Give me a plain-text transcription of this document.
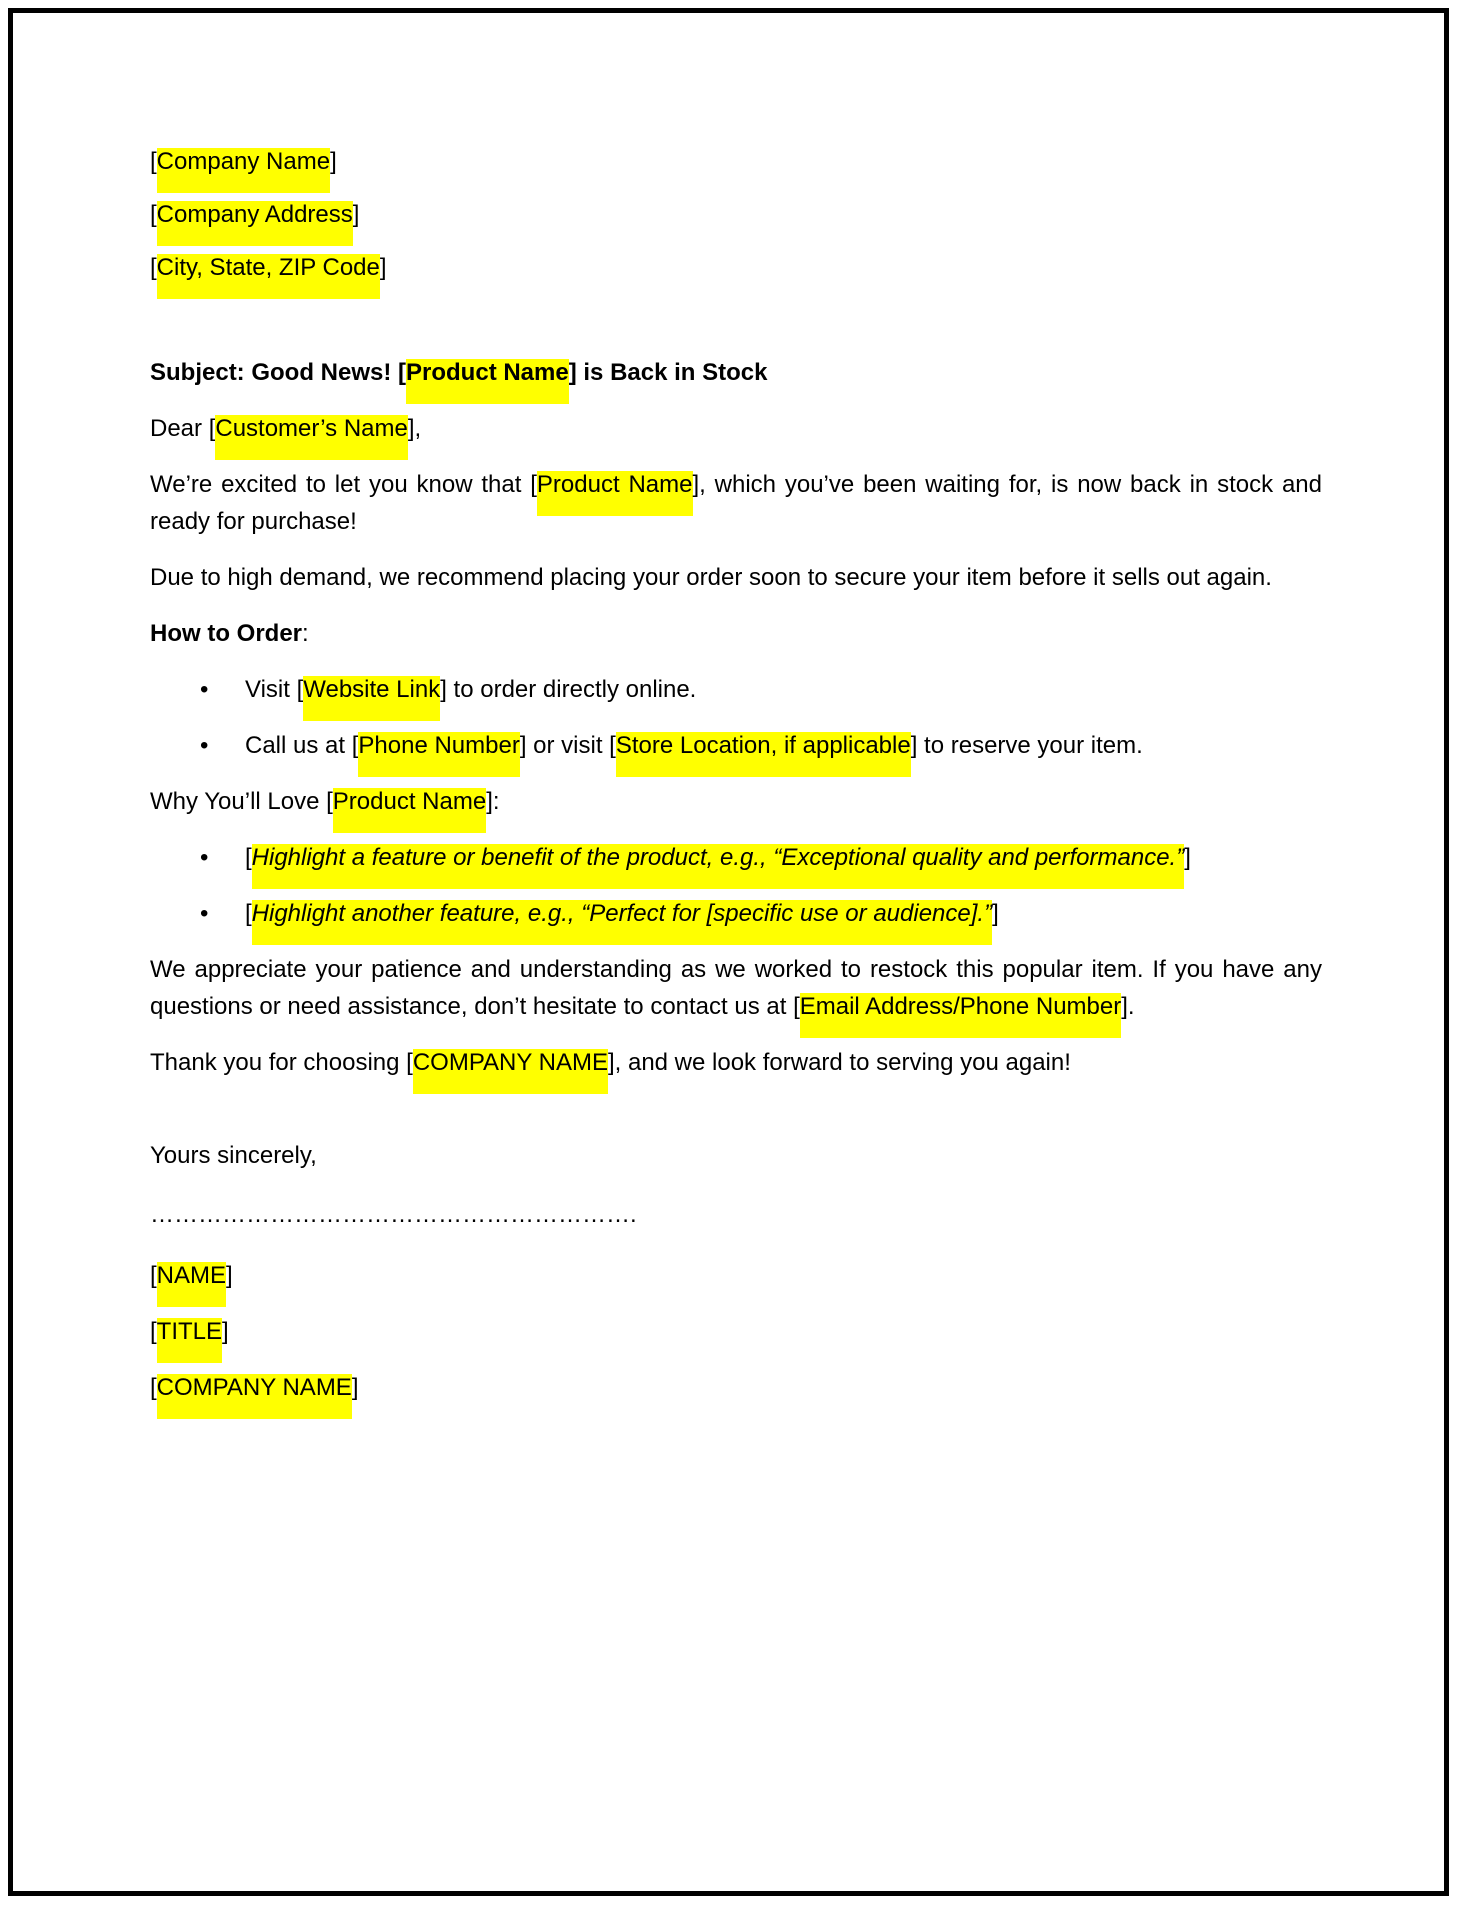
[Company Name]

[Company Address]

[City, State, ZIP Code]

Subject: Good News! [Product Name] is Back in Stock

Dear [Customer’s Name],

We’re excited to let you know that [Product Name], which you’ve been waiting for, is now back in stock and ready for purchase!

Due to high demand, we recommend placing your order soon to secure your item before it sells out again.

How to Order:

• Visit [Website Link] to order directly online.
• Call us at [Phone Number] or visit [Store Location, if applicable] to reserve your item.

Why You’ll Love [Product Name]:

• [Highlight a feature or benefit of the product, e.g., “Exceptional quality and performance.”]
• [Highlight another feature, e.g., “Perfect for [specific use or audience].”]

We appreciate your patience and understanding as we worked to restock this popular item. If you have any questions or need assistance, don’t hesitate to contact us at [Email Address/Phone Number].

Thank you for choosing [COMPANY NAME], and we look forward to serving you again!

Yours sincerely,

…………………………………………………….

[NAME]

[TITLE]

[COMPANY NAME]
